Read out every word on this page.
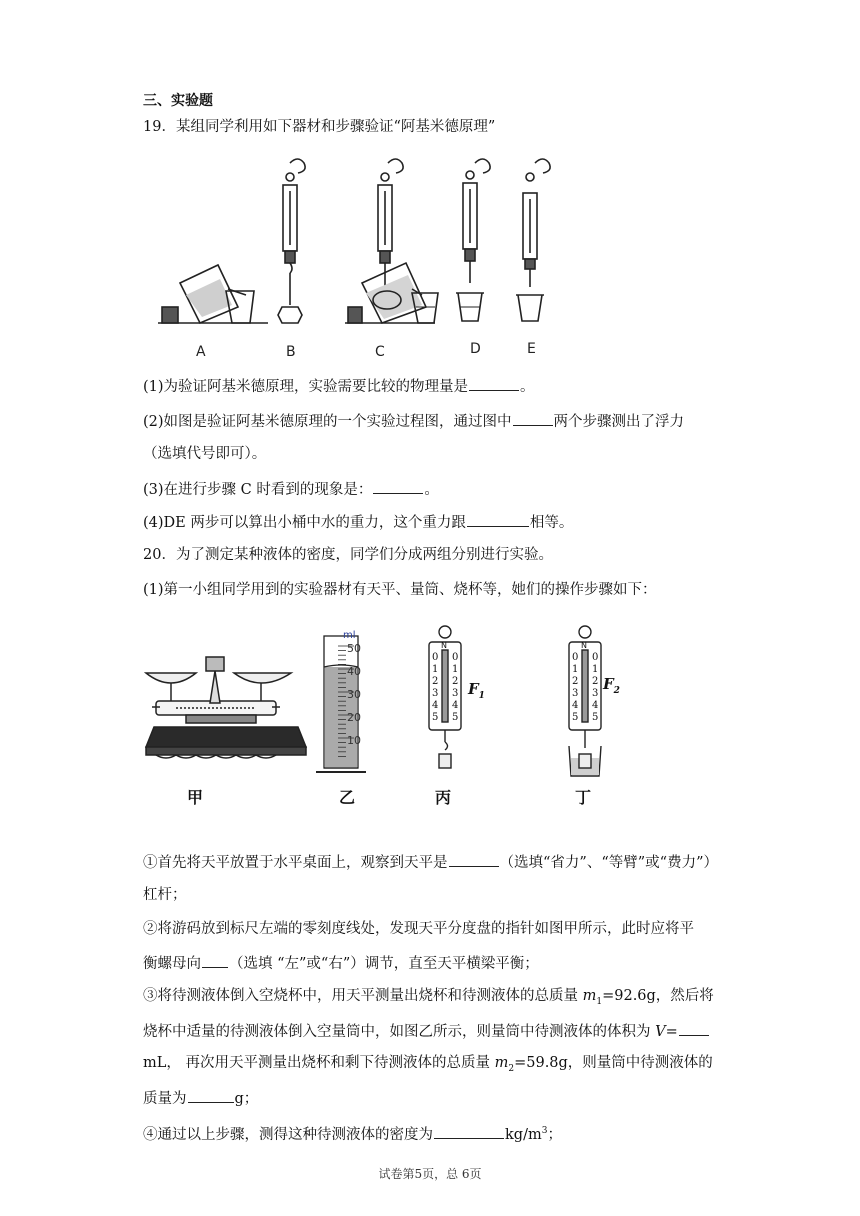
三、实验题
19．某组同学利用如下器材和步骤验证“阿基米德原理”
A	B	C	D	E
(1)为验证阿基米德原理，实验需要比较的物理量是	。
(2)如图是验证阿基米德原理的一个实验过程图，通过图中	两个步骤测出了浮力
（选填代号即可）。
(3)在进行步骤 C 时看到的现象是：	。
(4)DE 两步可以算出小桶中水的重力，这个重力跟	相等。
20．为了测定某种液体的密度，同学们分成两组分别进行实验。
(1)第一小组同学用到的实验器材有天平、量筒、烧杯等，她们的操作步骤如下：
ml
50
40
30
20
10
$F_1$
$F_2$
N
0 0
1 1
2 2
3 3
4 4
5 5
N
0 0
1 1
2 2
3 3
4 4
5 5
甲	乙	丙	丁
①首先将天平放置于水平桌面上，观察到天平是	（选填“省力”、“等臂”或“费力”）
杠杆；
②将游码放到标尺左端的零刻度线处，发现天平分度盘的指针如图甲所示，此时应将平
衡螺母向 （选填 “左”或“右”）调节，直至天平横梁平衡；
③将待测液体倒入空烧杯中，用天平测量出烧杯和待测液体的总质量 $m_1=92.6g$，然后将
烧杯中适量的待测液体倒入空量筒中，如图乙所示，则量筒中待测液体的体积为 V=
mL， 再次用天平测量出烧杯和剩下待测液体的总质量 $m_2=59.8g$，则量筒中待测液体的
质量为	g；
④通过以上步骤，测得这种待测液体的密度为	$kg/m^3$；
试卷第5页，总 6页
